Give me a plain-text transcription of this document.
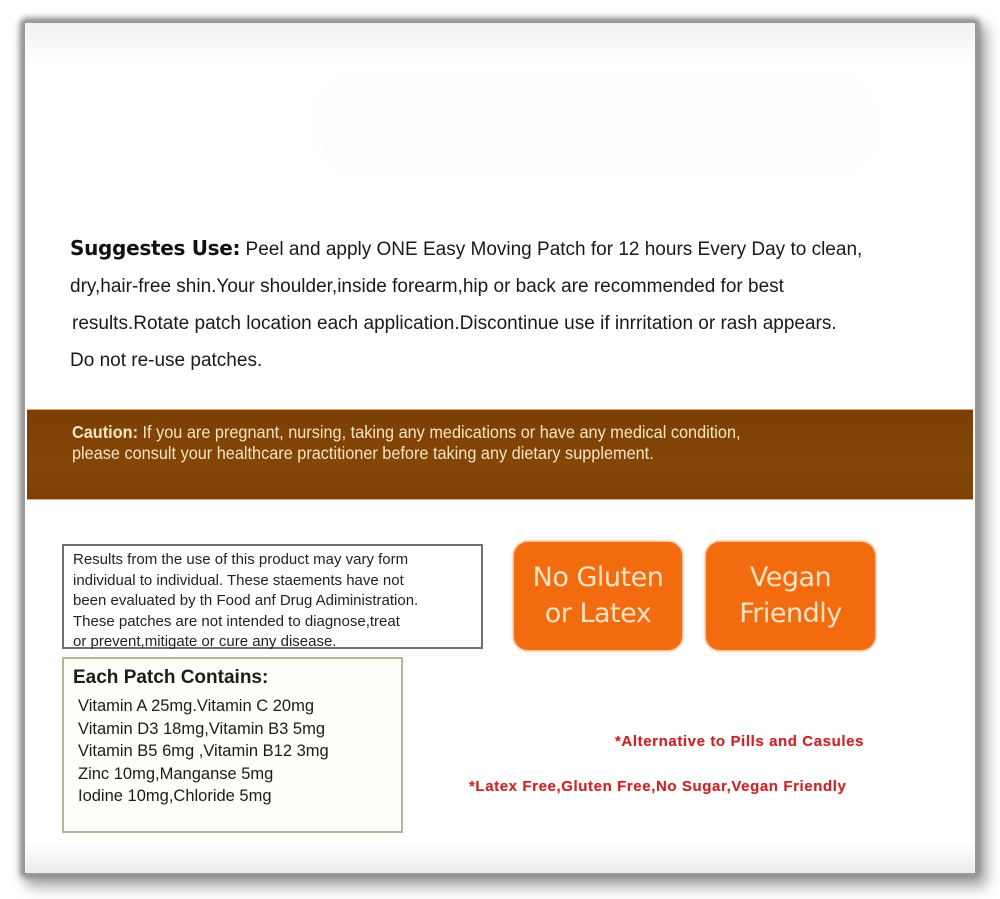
Suggestes Use: Peel and apply ONE Easy Moving Patch for 12 hours Every Day to clean,
dry,hair-free shin.Your shoulder,inside forearm,hip or back are recommended for best
results.Rotate patch location each application.Discontinue use if inrritation or rash appears.
Do not re-use patches.
Caution: If you are pregnant, nursing, taking any medications or have any medical condition,
please consult your healthcare practitioner before taking any dietary supplement.
Results from the use of this product may vary form
individual to individual. These staements have not
been evaluated by th Food anf Drug Adiministration.
These patches are not intended to diagnose,treat
or prevent,mitigate or cure any disease.
Each Patch Contains:
Vitamin A 25mg.Vitamin C 20mg
Vitamin D3 18mg,Vitamin B3 5mg
Vitamin B5 6mg ,Vitamin B12 3mg
Zinc 10mg,Manganse 5mg
Iodine 10mg,Chloride 5mg
No Gluten
or Latex
Vegan
Friendly
*Alternative to Pills and Casules
*Latex Free,Gluten Free,No Sugar,Vegan Friendly
